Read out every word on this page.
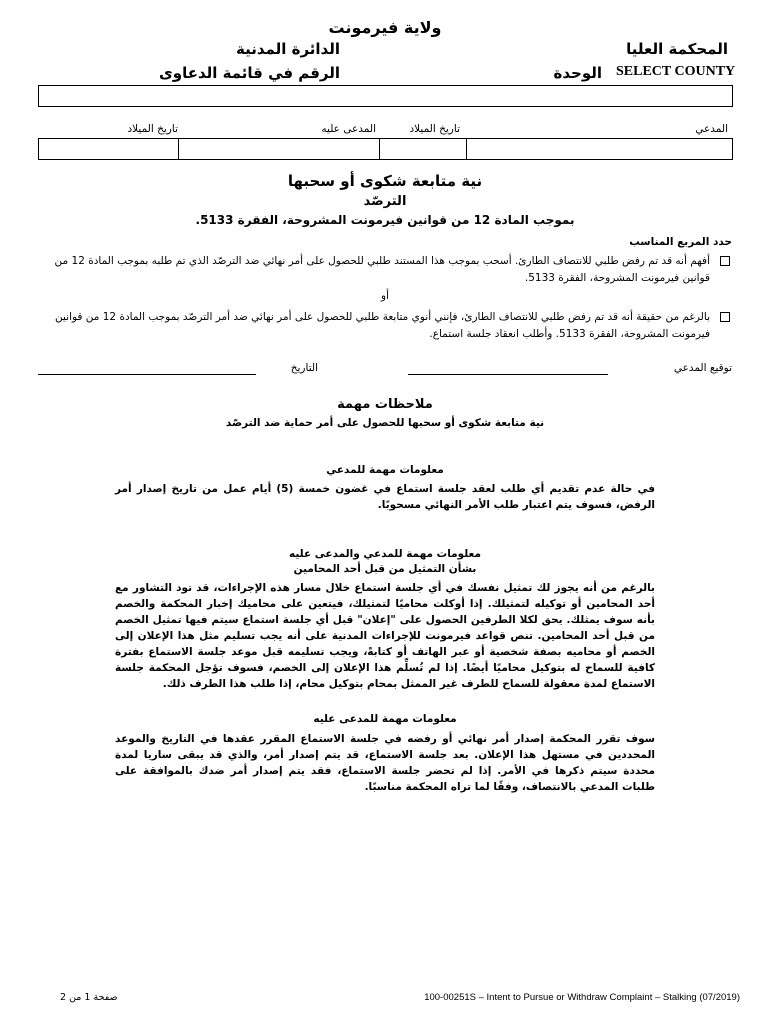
ولاية فيرمونت
المحكمة العليا
الدائرة المدنية
الوحدة SELECT COUNTY
الرقم في قائمة الدعاوى
المدعي
تاريخ الميلاد
المدعى عليه
تاريخ الميلاد
نية متابعة شكوى أو سحبها
الترصّد
بموجب المادة 12 من قوانين فيرمونت المشروحة، الفقرة 5133.
حدد المربع المناسب
أفهم أنه قد تم رفض طلبي للانتصاف الطارئ. أسحب بموجب هذا المستند طلبي للحصول على أمر نهائي ضد الترصّد الذي تم طلبه بموجب المادة 12 من قوانين فيرمونت المشروحة، الفقرة 5133.
أو
بالرغم من حقيقة أنه قد تم رفض طلبي للانتصاف الطارئ، فإنني أنوي متابعة طلبي للحصول على أمر نهائي ضد أمر الترصّد بموجب المادة 12 من قوانين فيرمونت المشروحة، الفقرة 5133. وأطلب انعقاد جلسة استماع.
توقيع المدعي
التاريخ
ملاحظات مهمة
نية متابعة شكوى أو سحبها للحصول على أمر حماية ضد الترصّد
معلومات مهمة للمدعي
في حالة عدم تقديم أي طلب لعقد جلسة استماع في غضون خمسة (5) أيام عمل من تاريخ إصدار أمر الرفض، فسوف يتم اعتبار طلب الأمر النهائي مسحوبًا.
معلومات مهمة للمدعي والمدعى عليه
بشأن التمثيل من قبل أحد المحامين
بالرغم من أنه يجوز لك تمثيل نفسك في أي جلسة استماع خلال مسار هذه الإجراءات، قد تود التشاور مع أحد المحامين أو توكيله لتمثيلك. إذا أوكلت محاميًا لتمثيلك، فيتعين على محاميك إخبار المحكمة والخصم بأنه سوف يمثلك. يحق لكلا الطرفين الحصول على "إعلان" قبل أي جلسة استماع سيتم فيها تمثيل الخصم من قبل أحد المحامين. تنص قواعد فيرمونت للإجراءات المدنية على أنه يجب تسليم مثل هذا الإعلان إلى الخصم أو محاميه بصفة شخصية أو عبر الهاتف أو كتابةً، ويجب تسليمه قبل موعد جلسة الاستماع بفترة كافية للسماح له بتوكيل محاميًا أيضًا. إذا لم تُسلِّم هذا الإعلان إلى الخصم، فسوف تؤجل المحكمة جلسة الاستماع لمدة معقولة للسماح للطرف غير الممثل بمحام بتوكيل محام، إذا طلب هذا الطرف ذلك.
معلومات مهمة للمدعى عليه
سوف تقرر المحكمة إصدار أمر نهائي أو رفضه في جلسة الاستماع المقرر عقدها في التاريخ والموعد المحددين في مستهل هذا الإعلان. بعد جلسة الاستماع، قد يتم إصدار أمر، والذي قد يبقى ساريا لمدة محددة سيتم ذكرها في الأمر. إذا لم تحضر جلسة الاستماع، فقد يتم إصدار أمر ضدك بالموافقة على طلبات المدعي بالانتصاف، وفقًا لما تراه المحكمة مناسبًا.
100-00251S – Intent to Pursue or Withdraw Complaint – Stalking (07/2019)
صفحة 1 من 2
